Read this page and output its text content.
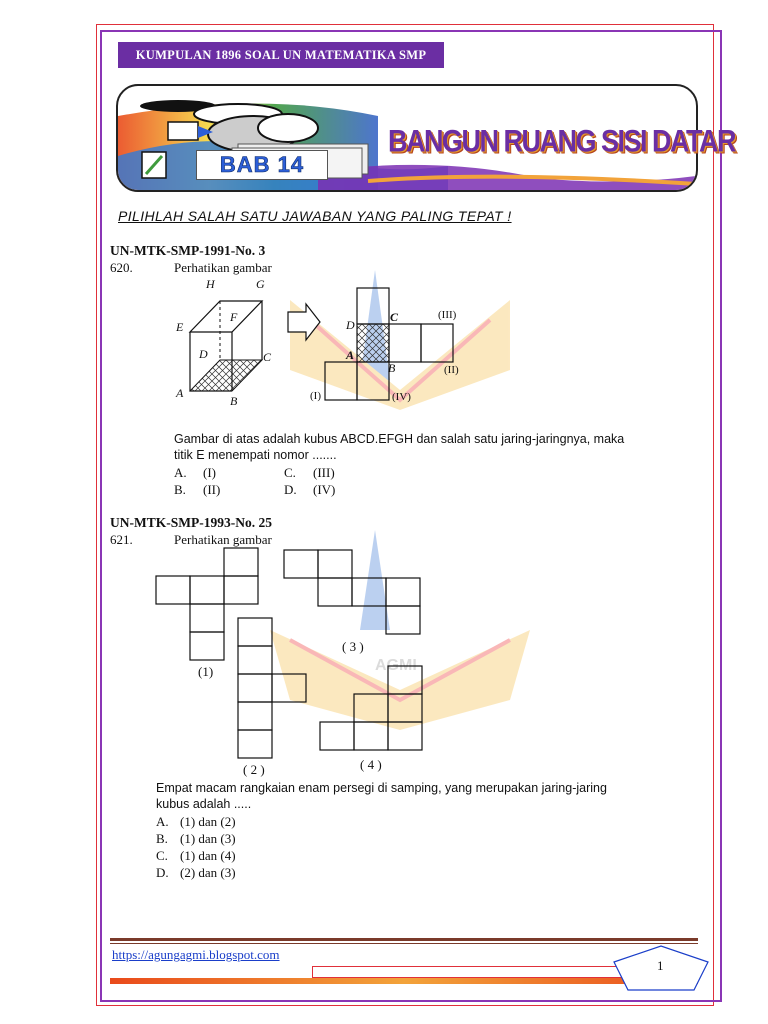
AGMI
KUMPULAN 1896 SOAL UN MATEMATIKA SMP
BAB 14
BANGUN RUANG SISI DATAR
PILIHLAH SALAH SATU JAWABAN YANG PALING TEPAT !
UN-MTK-SMP-1991-No. 3
620.	Perhatikan gambar
H	G
E
F
D	C
A
B
D
C
A
B
(III)
(II)
(I)	(IV)
Gambar di atas adalah kubus ABCD.EFGH dan salah satu jaring-jaringnya, maka
titik E menempati nomor .......
A. (I)	C. (III)
B. (II)	D. (IV)
UN-MTK-SMP-1993-No. 25
621.	Perhatikan gambar
(1)
( 2 )
( 3 )
( 4 )
Empat macam rangkaian enam persegi di samping, yang merupakan jaring-jaring
kubus adalah .....
A. (1) dan (2)
B. (1) dan (3)
C. (1) dan (4)
D. (2) dan (3)
https://agungagmi.blogspot.com
1
